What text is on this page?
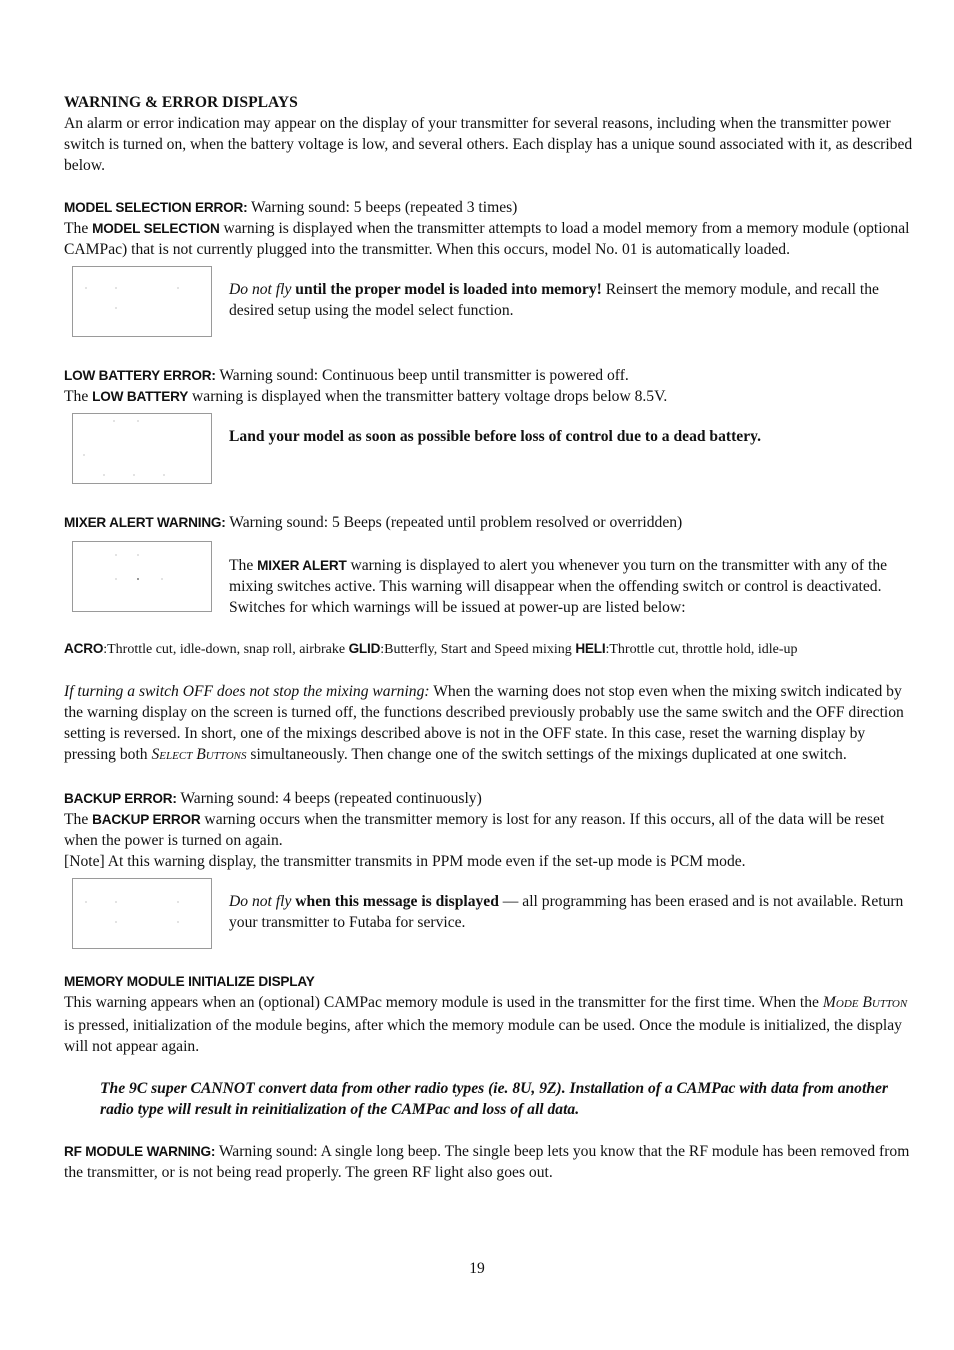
WARNING & ERROR DISPLAYS

An alarm or error indication may appear on the display of your transmitter for several reasons, including when the transmitter power switch is turned on, when the battery voltage is low, and several others. Each display has a unique sound associated with it, as described below.

MODEL SELECTION ERROR: Warning sound: 5 beeps (repeated 3 times)

The MODEL SELECTION warning is displayed when the transmitter attempts to load a model memory from a memory module (optional CAMPac) that is not currently plugged into the transmitter. When this occurs, model No. 01 is automatically loaded.

Do not fly until the proper model is loaded into memory! Reinsert the memory module, and recall the desired setup using the model select function.

LOW BATTERY ERROR: Warning sound: Continuous beep until transmitter is powered off.

The LOW BATTERY warning is displayed when the transmitter battery voltage drops below 8.5V.

Land your model as soon as possible before loss of control due to a dead battery.

MIXER ALERT WARNING: Warning sound: 5 Beeps (repeated until problem resolved or overridden)

The MIXER ALERT warning is displayed to alert you whenever you turn on the transmitter with any of the mixing switches active. This warning will disappear when the offending switch or control is deactivated. Switches for which warnings will be issued at power-up are listed below:

ACRO:Throttle cut, idle-down, snap roll, airbrake GLID:Butterfly, Start and Speed mixing HELI:Throttle cut, throttle hold, idle-up

If turning a switch OFF does not stop the mixing warning: When the warning does not stop even when the mixing switch indicated by the warning display on the screen is turned off, the functions described previously probably use the same switch and the OFF direction setting is reversed. In short, one of the mixings described above is not in the OFF state. In this case, reset the warning display by pressing both SELECT BUTTONS simultaneously. Then change one of the switch settings of the mixings duplicated at one switch.

BACKUP ERROR: Warning sound: 4 beeps (repeated continuously)

The BACKUP ERROR warning occurs when the transmitter memory is lost for any reason. If this occurs, all of the data will be reset when the power is turned on again.

[Note] At this warning display, the transmitter transmits in PPM mode even if the set-up mode is PCM mode.

Do not fly when this message is displayed — all programming has been erased and is not available. Return your transmitter to Futaba for service.

MEMORY MODULE INITIALIZE DISPLAY

This warning appears when an (optional) CAMPac memory module is used in the transmitter for the first time. When the MODE BUTTON is pressed, initialization of the module begins, after which the memory module can be used. Once the module is initialized, the display will not appear again.

The 9C super CANNOT convert data from other radio types (ie. 8U, 9Z). Installation of a CAMPac with data from another radio type will result in reinitialization of the CAMPac and loss of all data.

RF MODULE WARNING: Warning sound: A single long beep. The single beep lets you know that the RF module has been removed from the transmitter, or is not being read properly. The green RF light also goes out.

19
